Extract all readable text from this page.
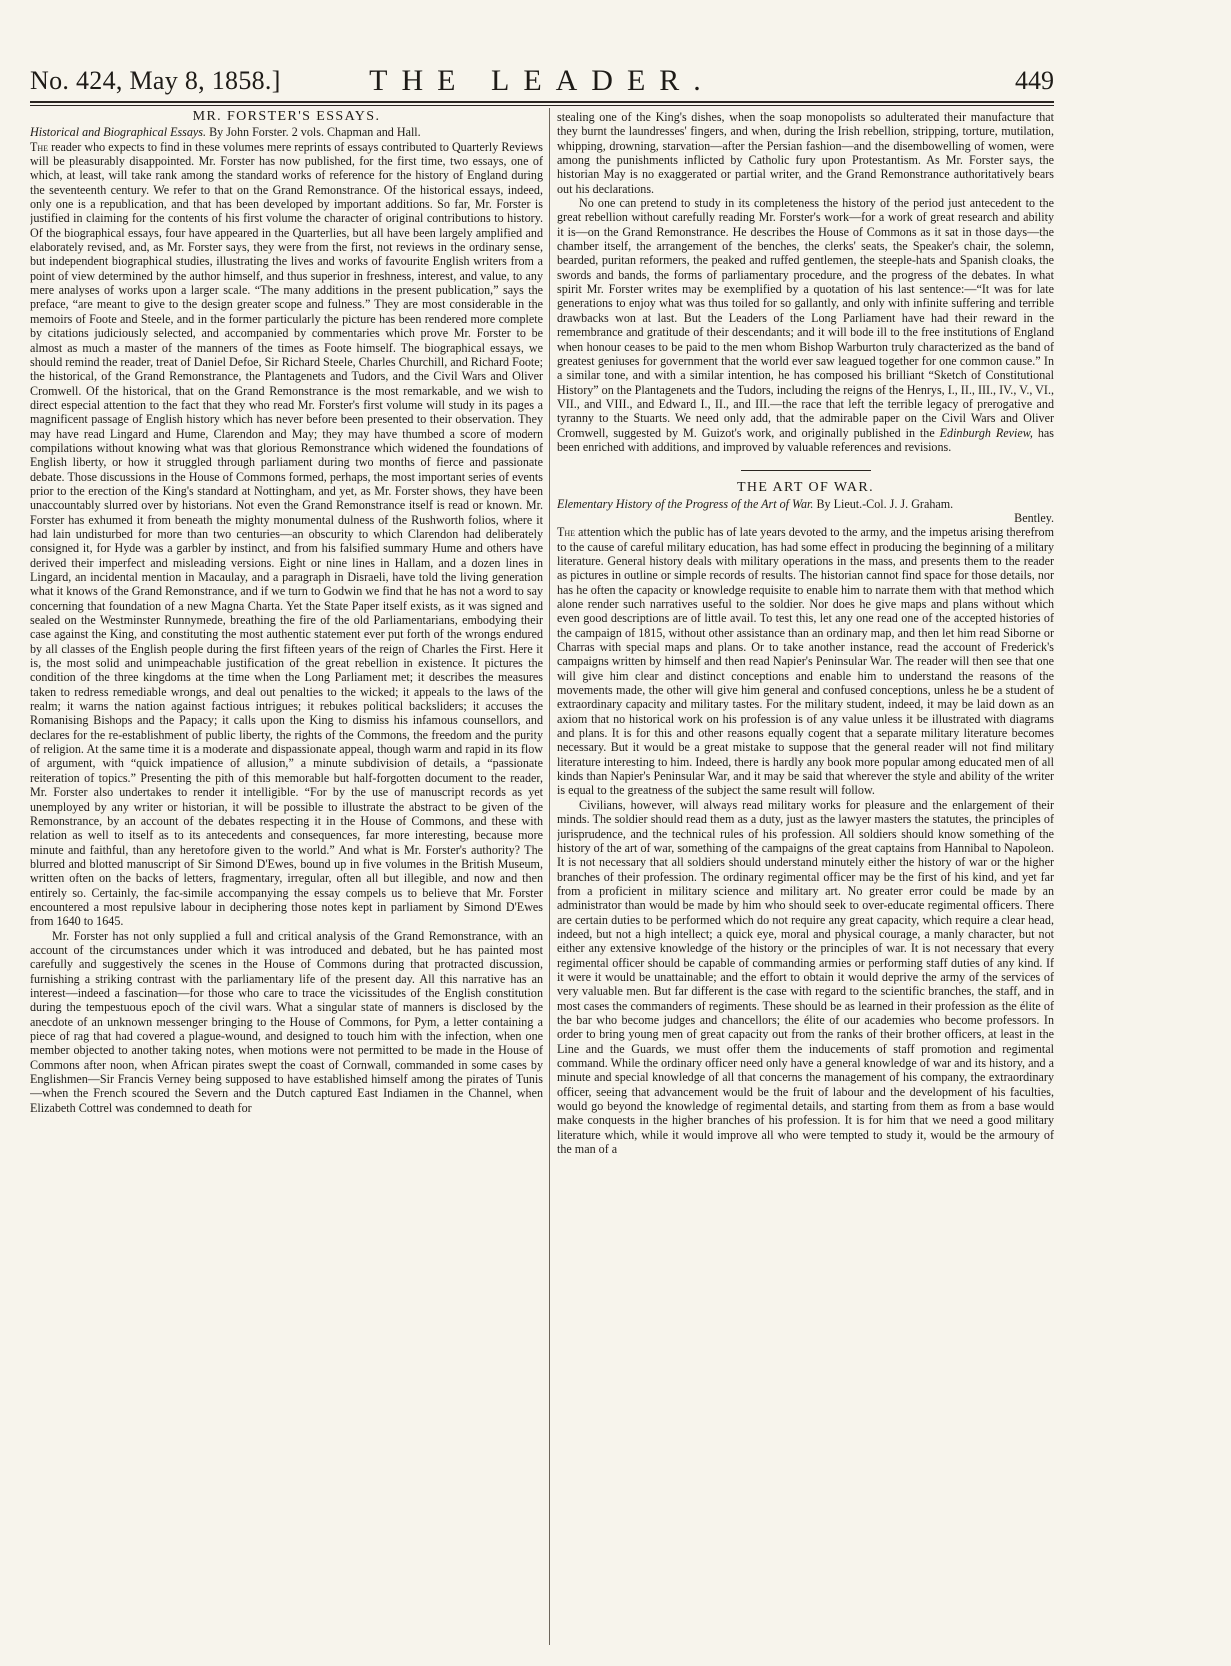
No. 424, May 8, 1858.]	THE LEADER.	449
MR. FORSTER'S ESSAYS.
Historical and Biographical Essays. By John Forster. 2 vols. Chapman and Hall.

The reader who expects to find in these volumes mere reprints of essays contributed to Quarterly Reviews will be pleasurably disappointed. Mr. Forster has now published, for the first time, two essays, one of which, at least, will take rank among the standard works of reference for the history of England during the seventeenth century. We refer to that on the Grand Remonstrance. Of the historical essays, indeed, only one is a republication, and that has been developed by important additions. So far, Mr. Forster is justified in claiming for the contents of his first volume the character of original contributions to history. Of the biographical essays, four have appeared in the Quarterlies, but all have been largely amplified and elaborately revised, and, as Mr. Forster says, they were from the first, not reviews in the ordinary sense, but independent biographical studies, illustrating the lives and works of favourite English writers from a point of view determined by the author himself, and thus superior in freshness, interest, and value, to any mere analyses of works upon a larger scale. “The many additions in the present publication,” says the preface, “are meant to give to the design greater scope and fulness.” They are most considerable in the memoirs of Foote and Steele, and in the former particularly the picture has been rendered more complete by citations judiciously selected, and accompanied by commentaries which prove Mr. Forster to be almost as much a master of the manners of the times as Foote himself. The biographical essays, we should remind the reader, treat of Daniel Defoe, Sir Richard Steele, Charles Churchill, and Richard Foote; the historical, of the Grand Remonstrance, the Plantagenets and Tudors, and the Civil Wars and Oliver Cromwell. Of the historical, that on the Grand Remonstrance is the most remarkable, and we wish to direct especial attention to the fact that they who read Mr. Forster's first volume will study in its pages a magnificent passage of English history which has never before been presented to their observation. They may have read Lingard and Hume, Clarendon and May; they may have thumbed a score of modern compilations without knowing what was that glorious Remonstrance which widened the foundations of English liberty, or how it struggled through parliament during two months of fierce and passionate debate. Those discussions in the House of Commons formed, perhaps, the most important series of events prior to the erection of the King's standard at Nottingham, and yet, as Mr. Forster shows, they have been unaccountably slurred over by historians. Not even the Grand Remonstrance itself is read or known. Mr. Forster has exhumed it from beneath the mighty monumental dulness of the Rushworth folios, where it had lain undisturbed for more than two centuries—an obscurity to which Clarendon had deliberately consigned it, for Hyde was a garbler by instinct, and from his falsified summary Hume and others have derived their imperfect and misleading versions. Eight or nine lines in Hallam, and a dozen lines in Lingard, an incidental mention in Macaulay, and a paragraph in Disraeli, have told the living generation what it knows of the Grand Remonstrance, and if we turn to Godwin we find that he has not a word to say concerning that foundation of a new Magna Charta. Yet the State Paper itself exists, as it was signed and sealed on the Westminster Runnymede, breathing the fire of the old Parliamentarians, embodying their case against the King, and constituting the most authentic statement ever put forth of the wrongs endured by all classes of the English people during the first fifteen years of the reign of Charles the First. Here it is, the most solid and unimpeachable justification of the great rebellion in existence. It pictures the condition of the three kingdoms at the time when the Long Parliament met; it describes the measures taken to redress remediable wrongs, and deal out penalties to the wicked; it appeals to the laws of the realm; it warns the nation against factious intrigues; it rebukes political backsliders; it accuses the Romanising Bishops and the Papacy; it calls upon the King to dismiss his infamous counsellors, and declares for the re-establishment of public liberty, the rights of the Commons, the freedom and the purity of religion. At the same time it is a moderate and dispassionate appeal, though warm and rapid in its flow of argument, with “quick impatience of allusion,” a minute subdivision of details, a “passionate reiteration of topics.” Presenting the pith of this memorable but half-forgotten document to the reader, Mr. Forster also undertakes to render it intelligible. “For by the use of manuscript records as yet unemployed by any writer or historian, it will be possible to illustrate the abstract to be given of the Remonstrance, by an account of the debates respecting it in the House of Commons, and these with relation as well to itself as to its antecedents and consequences, far more interesting, because more minute and faithful, than any heretofore given to the world.” And what is Mr. Forster's authority? The blurred and blotted manuscript of Sir Simond D'Ewes, bound up in five volumes in the British Museum, written often on the backs of letters, fragmentary, irregular, often all but illegible, and now and then entirely so. Certainly, the fac-simile accompanying the essay compels us to believe that Mr. Forster encountered a most repulsive labour in deciphering those notes kept in parliament by Simond D'Ewes from 1640 to 1645.

Mr. Forster has not only supplied a full and critical analysis of the Grand Remonstrance, with an account of the circumstances under which it was introduced and debated, but he has painted most carefully and suggestively the scenes in the House of Commons during that protracted discussion, furnishing a striking contrast with the parliamentary life of the present day. All this narrative has an interest—indeed a fascination—for those who care to trace the vicissitudes of the English constitution during the tempestuous epoch of the civil wars. What a singular state of manners is disclosed by the anecdote of an unknown messenger bringing to the House of Commons, for Pym, a letter containing a piece of rag that had covered a plague-wound, and designed to touch him with the infection, when one member objected to another taking notes, when motions were not permitted to be made in the House of Commons after noon, when African pirates swept the coast of Cornwall, commanded in some cases by Englishmen—Sir Francis Verney being supposed to have established himself among the pirates of Tunis—when the French scoured the Severn and the Dutch captured East Indiamen in the Channel, when Elizabeth Cottrel was condemned to death for

stealing one of the King's dishes, when the soap monopolists so adulterated their manufacture that they burnt the laundresses' fingers, and when, during the Irish rebellion, stripping, torture, mutilation, whipping, drowning, starvation—after the Persian fashion—and the disembowelling of women, were among the punishments inflicted by Catholic fury upon Protestantism. As Mr. Forster says, the historian May is no exaggerated or partial writer, and the Grand Remonstrance authoritatively bears out his declarations.

No one can pretend to study in its completeness the history of the period just antecedent to the great rebellion without carefully reading Mr. Forster's work—for a work of great research and ability it is—on the Grand Remonstrance. He describes the House of Commons as it sat in those days—the chamber itself, the arrangement of the benches, the clerks' seats, the Speaker's chair, the solemn, bearded, puritan reformers, the peaked and ruffed gentlemen, the steeple-hats and Spanish cloaks, the swords and bands, the forms of parliamentary procedure, and the progress of the debates. In what spirit Mr. Forster writes may be exemplified by a quotation of his last sentence:—“It was for late generations to enjoy what was thus toiled for so gallantly, and only with infinite suffering and terrible drawbacks won at last. But the Leaders of the Long Parliament have had their reward in the remembrance and gratitude of their descendants; and it will bode ill to the free institutions of England when honour ceases to be paid to the men whom Bishop Warburton truly characterized as the band of greatest geniuses for government that the world ever saw leagued together for one common cause.” In a similar tone, and with a similar intention, he has composed his brilliant “Sketch of Constitutional History” on the Plantagenets and the Tudors, including the reigns of the Henrys, I., II., III., IV., V., VI., VII., and VIII., and Edward I., II., and III.—the race that left the terrible legacy of prerogative and tyranny to the Stuarts. We need only add, that the admirable paper on the Civil Wars and Oliver Cromwell, suggested by M. Guizot's work, and originally published in the Edinburgh Review, has been enriched with additions, and improved by valuable references and revisions.

THE ART OF WAR.
Elementary History of the Progress of the Art of War. By Lieut.-Col. J. J. Graham.
Bentley.

The attention which the public has of late years devoted to the army, and the impetus arising therefrom to the cause of careful military education, has had some effect in producing the beginning of a military literature. General history deals with military operations in the mass, and presents them to the reader as pictures in outline or simple records of results. The historian cannot find space for those details, nor has he often the capacity or knowledge requisite to enable him to narrate them with that method which alone render such narratives useful to the soldier. Nor does he give maps and plans without which even good descriptions are of little avail. To test this, let any one read one of the accepted histories of the campaign of 1815, without other assistance than an ordinary map, and then let him read Siborne or Charras with special maps and plans. Or to take another instance, read the account of Frederick's campaigns written by himself and then read Napier's Peninsular War. The reader will then see that one will give him clear and distinct conceptions and enable him to understand the reasons of the movements made, the other will give him general and confused conceptions, unless he be a student of extraordinary capacity and military tastes. For the military student, indeed, it may be laid down as an axiom that no historical work on his profession is of any value unless it be illustrated with diagrams and plans. It is for this and other reasons equally cogent that a separate military literature becomes necessary. But it would be a great mistake to suppose that the general reader will not find military literature interesting to him. Indeed, there is hardly any book more popular among educated men of all kinds than Napier's Peninsular War, and it may be said that wherever the style and ability of the writer is equal to the greatness of the subject the same result will follow.

Civilians, however, will always read military works for pleasure and the enlargement of their minds. The soldier should read them as a duty, just as the lawyer masters the statutes, the principles of jurisprudence, and the technical rules of his profession. All soldiers should know something of the history of the art of war, something of the campaigns of the great captains from Hannibal to Napoleon. It is not necessary that all soldiers should understand minutely either the history of war or the higher branches of their profession. The ordinary regimental officer may be the first of his kind, and yet far from a proficient in military science and military art. No greater error could be made by an administrator than would be made by him who should seek to over-educate regimental officers. There are certain duties to be performed which do not require any great capacity, which require a clear head, indeed, but not a high intellect; a quick eye, moral and physical courage, a manly character, but not either any extensive knowledge of the history or the principles of war. It is not necessary that every regimental officer should be capable of commanding armies or performing staff duties of any kind. If it were it would be unattainable; and the effort to obtain it would deprive the army of the services of very valuable men. But far different is the case with regard to the scientific branches, the staff, and in most cases the commanders of regiments. These should be as learned in their profession as the élite of the bar who become judges and chancellors; the élite of our academies who become professors. In order to bring young men of great capacity out from the ranks of their brother officers, at least in the Line and the Guards, we must offer them the inducements of staff promotion and regimental command. While the ordinary officer need only have a general knowledge of war and its history, and a minute and special knowledge of all that concerns the management of his company, the extraordinary officer, seeing that advancement would be the fruit of labour and the development of his faculties, would go beyond the knowledge of regimental details, and starting from them as from a base would make conquests in the higher branches of his profession. It is for him that we need a good military literature which, while it would improve all who were tempted to study it, would be the armoury of the man of a
